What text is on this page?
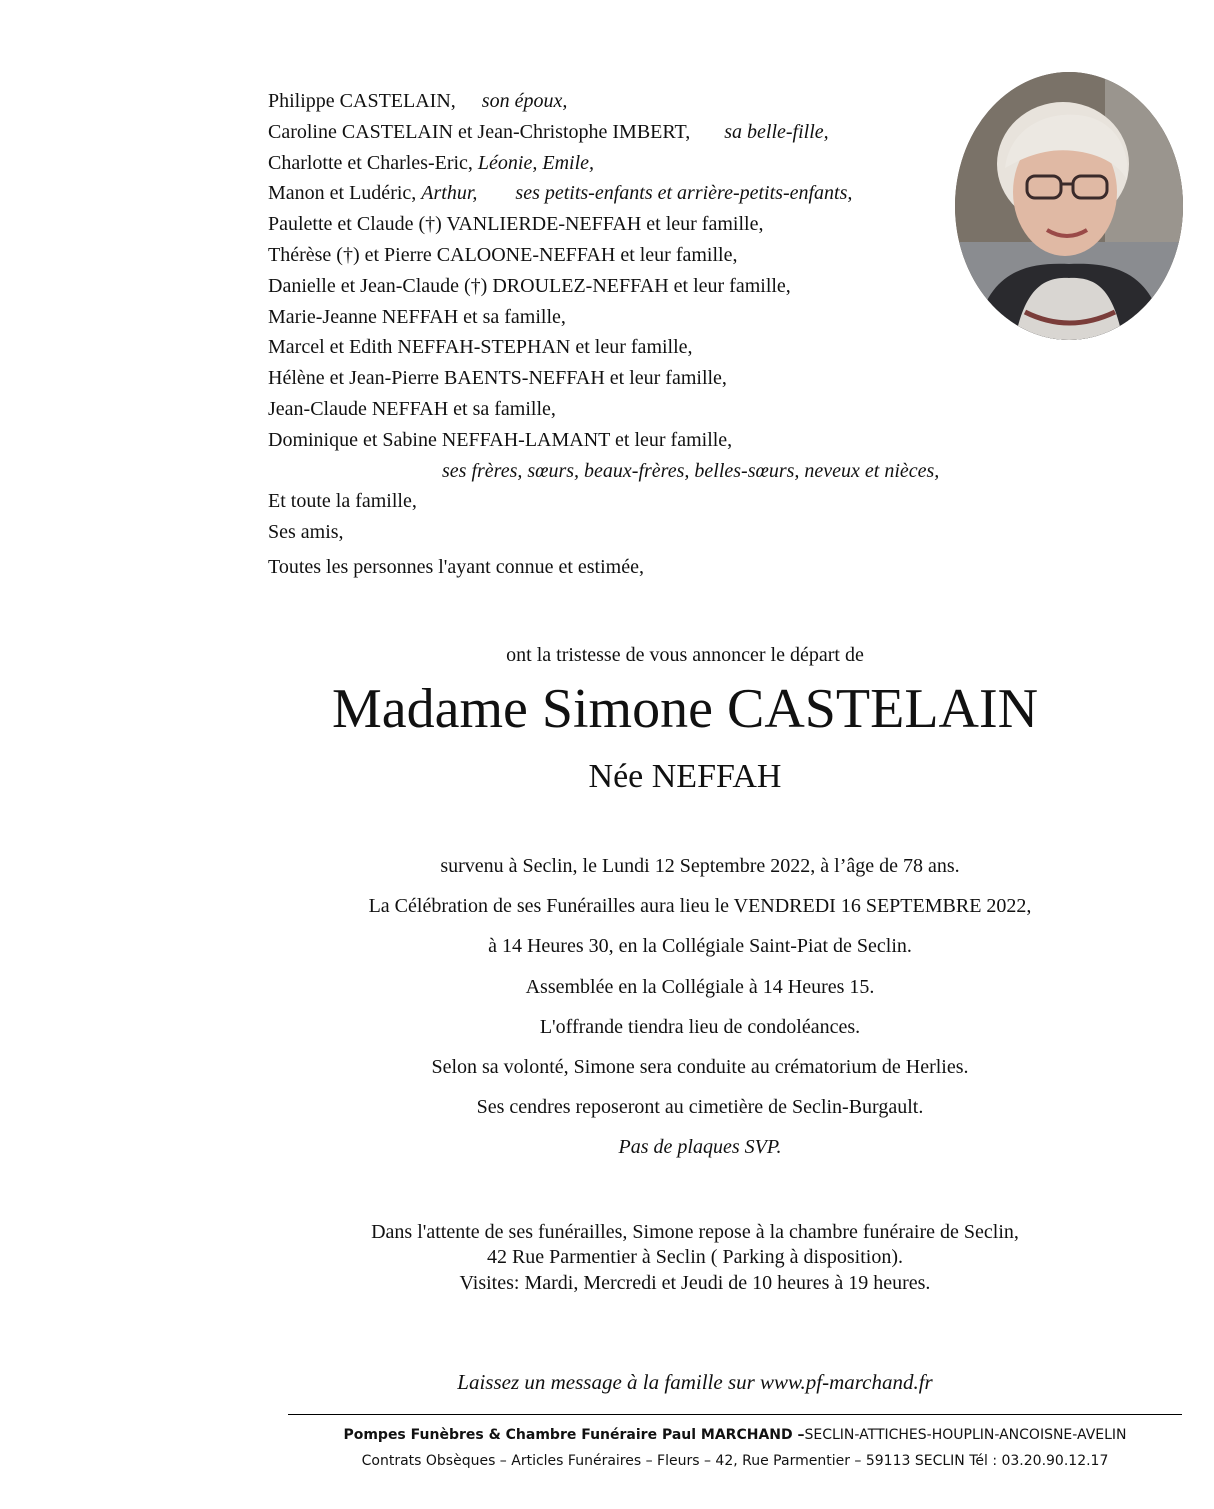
Philippe CASTELAIN, son époux,
Caroline CASTELAIN et Jean-Christophe IMBERT, sa belle-fille,
Charlotte et Charles-Eric, Léonie, Emile,
Manon et Ludéric, Arthur, ses petits-enfants et arrière-petits-enfants,
Paulette et Claude (†) VANLIERDE-NEFFAH et leur famille,
Thérèse (†) et Pierre CALOONE-NEFFAH et leur famille,
Danielle et Jean-Claude (†) DROULEZ-NEFFAH et leur famille,
Marie-Jeanne NEFFAH et sa famille,
Marcel et Edith NEFFAH-STEPHAN et leur famille,
Hélène et Jean-Pierre BAENTS-NEFFAH et leur famille,
Jean-Claude NEFFAH et sa famille,
Dominique et Sabine NEFFAH-LAMANT et leur famille,
ses frères, sœurs, beaux-frères, belles-sœurs, neveux et nièces,
Et toute la famille,
Ses amis,
Toutes les personnes l'ayant connue et estimée,
ont la tristesse de vous annoncer le départ de
Madame Simone CASTELAIN
Née NEFFAH
survenu à Seclin, le Lundi 12 Septembre 2022, à l’âge de 78 ans.
La Célébration de ses Funérailles aura lieu le VENDREDI 16 SEPTEMBRE 2022,
à 14 Heures 30, en la Collégiale Saint-Piat de Seclin.
Assemblée en la Collégiale à 14 Heures 15.
L'offrande tiendra lieu de condoléances.
Selon sa volonté, Simone sera conduite au crématorium de Herlies.
Ses cendres reposeront au cimetière de Seclin-Burgault.
Pas de plaques SVP.
Dans l'attente de ses funérailles, Simone repose à la chambre funéraire de Seclin,
42 Rue Parmentier à Seclin ( Parking à disposition).
Visites: Mardi, Mercredi et Jeudi de 10 heures à 19 heures.
Laissez un message à la famille sur www.pf-marchand.fr
Pompes Funèbres & Chambre Funéraire Paul MARCHAND –SECLIN-ATTICHES-HOUPLIN-ANCOISNE-AVELIN
Contrats Obsèques – Articles Funéraires – Fleurs – 42, Rue Parmentier – 59113 SECLIN Tél : 03.20.90.12.17
